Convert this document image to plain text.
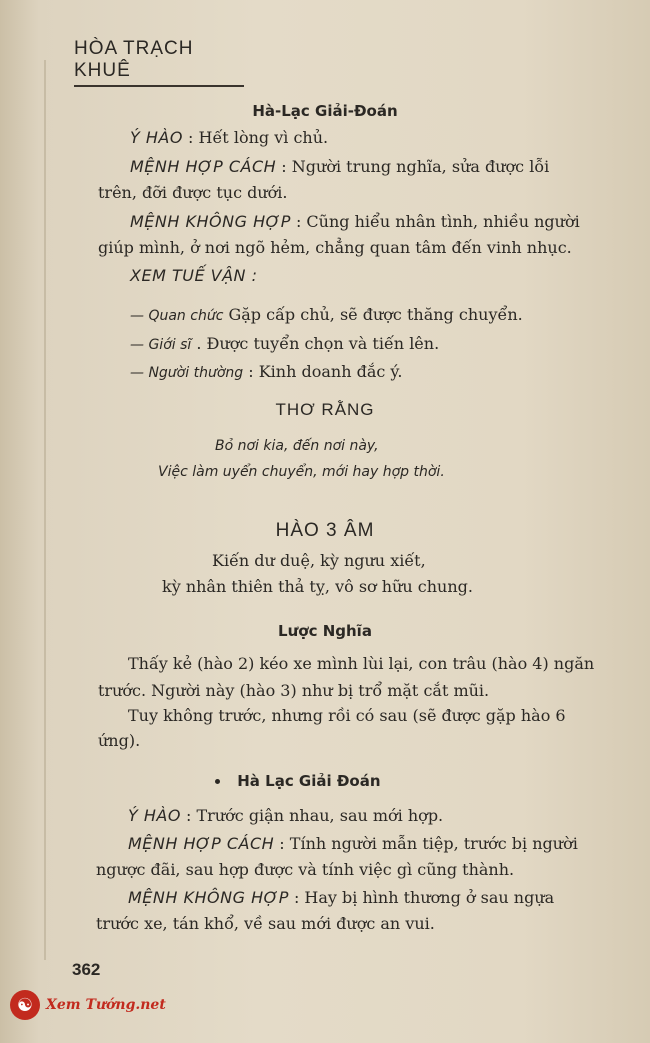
HÒA TRẠCH KHUÊ
Hà-Lạc Giải-Đoán
Ý HÀO : Hết lòng vì chủ.
MỆNH HỢP CÁCH : Người trung nghĩa, sửa được lỗi
trên, đỡi được tục dưới.
MỆNH KHÔNG HỢP : Cũng hiểu nhân tình, nhiều người
giúp mình, ở nơi ngõ hẻm, chẳng quan tâm đến vinh nhục.
XEM TUẾ VẬN :
— Quan chức Gặp cấp chủ, sẽ được thăng chuyển.
— Giới sĩ . Được tuyển chọn và tiến lên.
— Người thường : Kinh doanh đắc ý.
THƠ RẰNG
Bỏ nơi kia, đến nơi này,
Việc làm uyển chuyển, mới hay hợp thời.
HÀO 3 ÂM
Kiến dư duệ, kỳ ngưu xiết,
kỳ nhân thiên thả tỵ, vô sơ hữu chung.
Lược Nghĩa
Thấy kẻ (hào 2) kéo xe mình lùi lại, con trâu (hào 4) ngăn
trước. Người này (hào 3) như bị trổ mặt cắt mũi.
Tuy không trước, nhưng rồi có sau (sẽ được gặp hào 6
ứng).
Hà Lạc Giải Đoán
Ý HÀO : Trước giận nhau, sau mới hợp.
MỆNH HỢP CÁCH : Tính người mẫn tiệp, trước bị người
ngược đãi, sau hợp được và tính việc gì cũng thành.
MỆNH KHÔNG HỢP : Hay bị hình thương ở sau ngựa
trước xe, tán khổ, về sau mới được an vui.
362
☯ Xem Tướng.net
